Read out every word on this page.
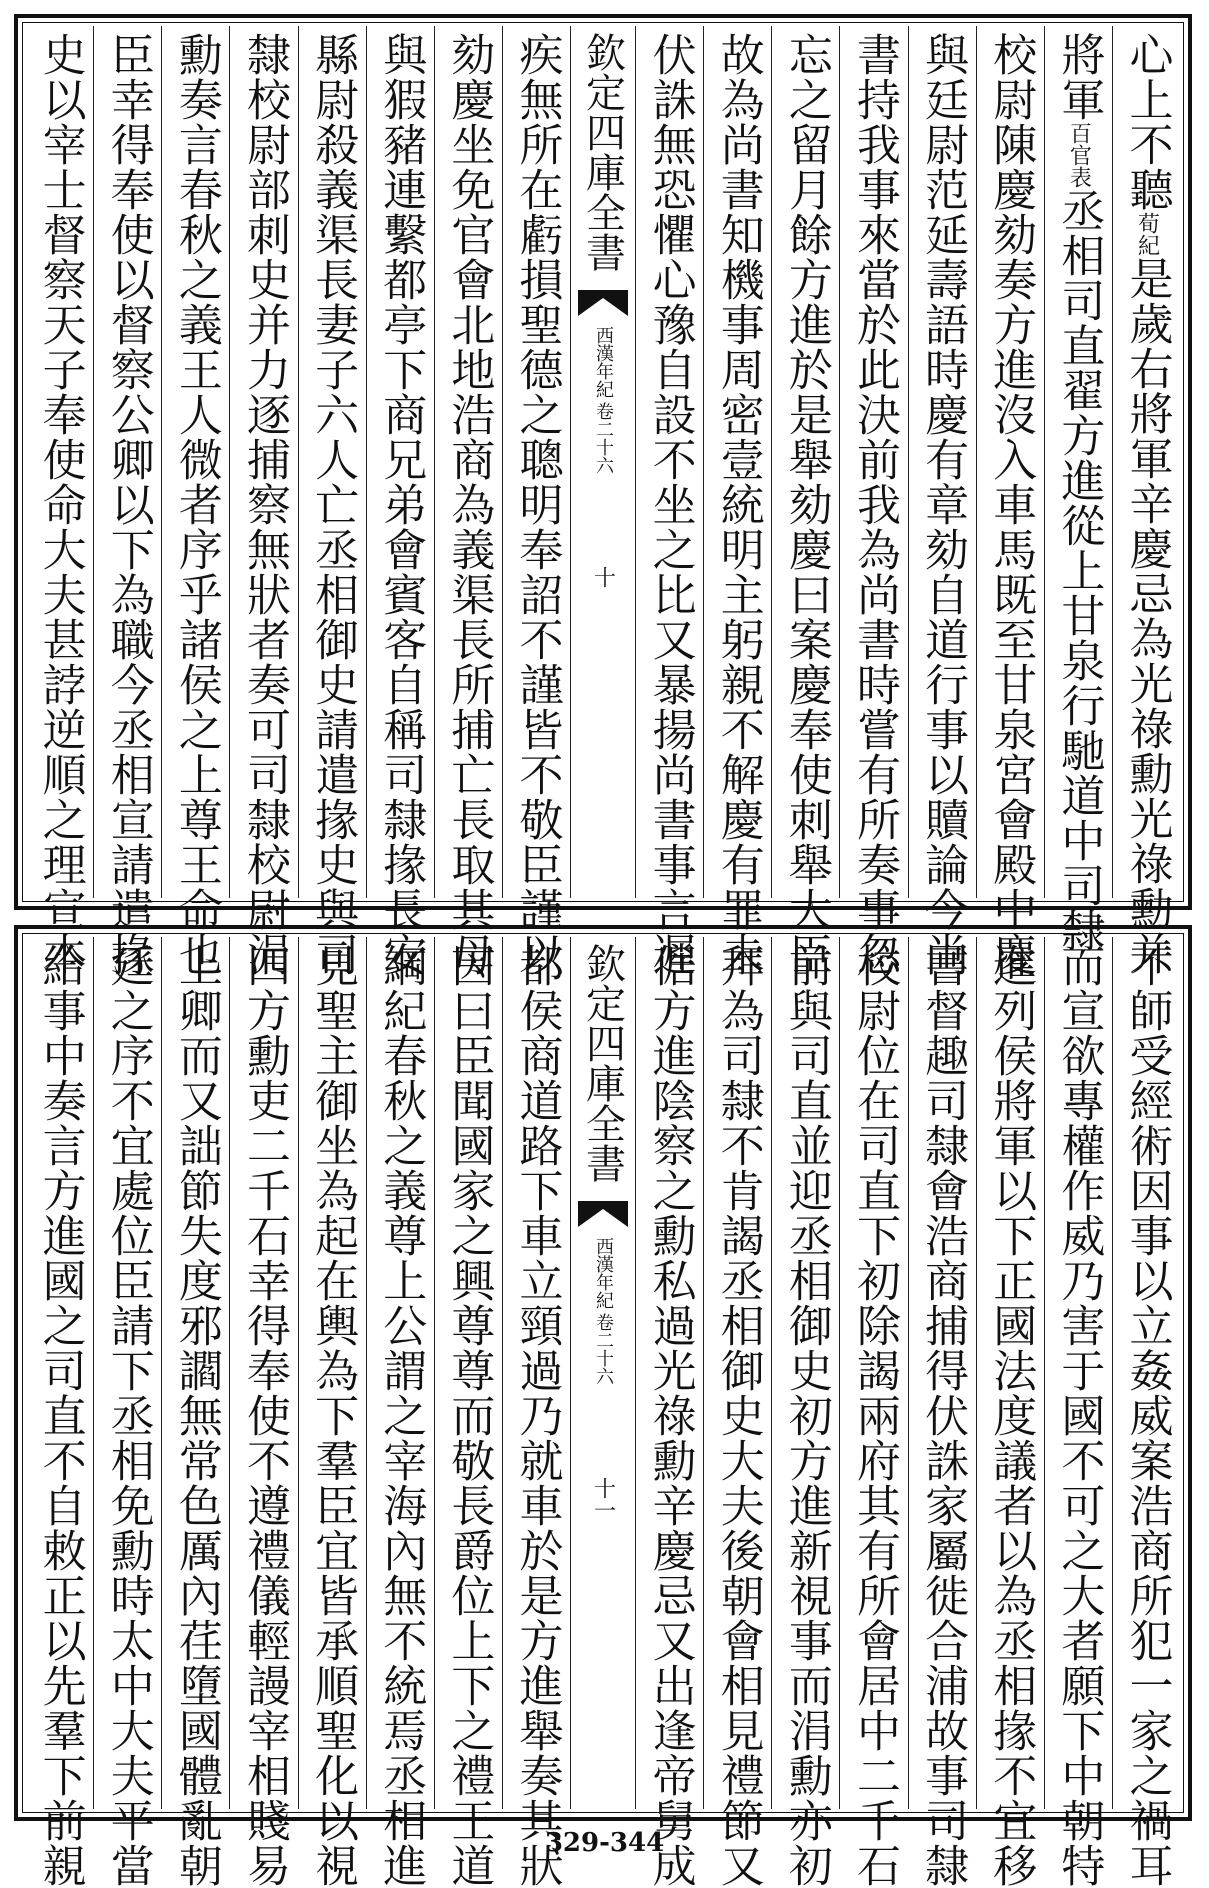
心上不聽荀紀是歲右將軍辛慶忌為光祿勳光祿勳并
將軍百官表丞相司直翟方進從上甘泉行馳道中司隸
校尉陳慶劾奏方進沒入車馬既至甘泉宮會殿中慶
與廷尉范延壽語時慶有章劾自道行事以贖論今尚
書持我事來當於此決前我為尚書時嘗有所奏事忽
忘之留月餘方進於是舉劾慶曰案慶奉使刺舉大臣
故為尚書知機事周密壹統明主躬親不解慶有罪未
伏誅無恐懼心豫自設不坐之比又暴揚尚書事言遲
欽定四庫全書
西漢年紀
卷二十六
十
疾無所在虧損聖德之聰明奉詔不謹皆不敬臣謹以
劾慶坐免官會北地浩商為義渠長所捕亡長取其母
與猳豬連繫都亭下商兄弟會賓客自稱司隸掾長安
縣尉殺義渠長妻子六人亡丞相御史請遣掾史與司
隸校尉部刺史并力逐捕察無狀者奏可司隸校尉涓
勳奏言春秋之義王人微者序乎諸侯之上尊王命也
臣幸得奉使以督察公卿以下為職今丞相宣請遣掾
史以宰士督察天子奉使命大夫甚誖逆順之理宣本
不師受經術因事以立姦威案浩商所犯一家之禍耳
而宣欲專權作威乃害于國不可之大者願下中朝特
進列侯將軍以下正國法度議者以為丞相掾不宜移
書督趣司隸會浩商捕得伏誅家屬徙合浦故事司隸
校尉位在司直下初除謁兩府其有所會居中二千石
前與司直並迎丞相御史初方進新視事而涓勳亦初
拜為司隸不肯謁丞相御史大夫後朝會相見禮節又
倨方進陰察之勳私過光祿勳辛慶忌又出逢帝舅成
欽定四庫全書
西漢年紀
卷二十六
十一
都侯商道路下車立頸過乃就車於是方進舉奏其狀
因曰臣聞國家之興尊尊而敬長爵位上下之禮王道
綱紀春秋之義尊上公謂之宰海內無不統焉丞相進
見聖主御坐為起在輿為下羣臣宜皆承順聖化以視
四方勳吏二千石幸得奉使不遵禮儀輕謾宰相賤易
上卿而又詘節失度邪讇無常色厲內荏墮國體亂朝
廷之序不宜處位臣請下丞相免勳時太中大夫平當
給事中奏言方進國之司直不自敕正以先羣下前親	329-344
